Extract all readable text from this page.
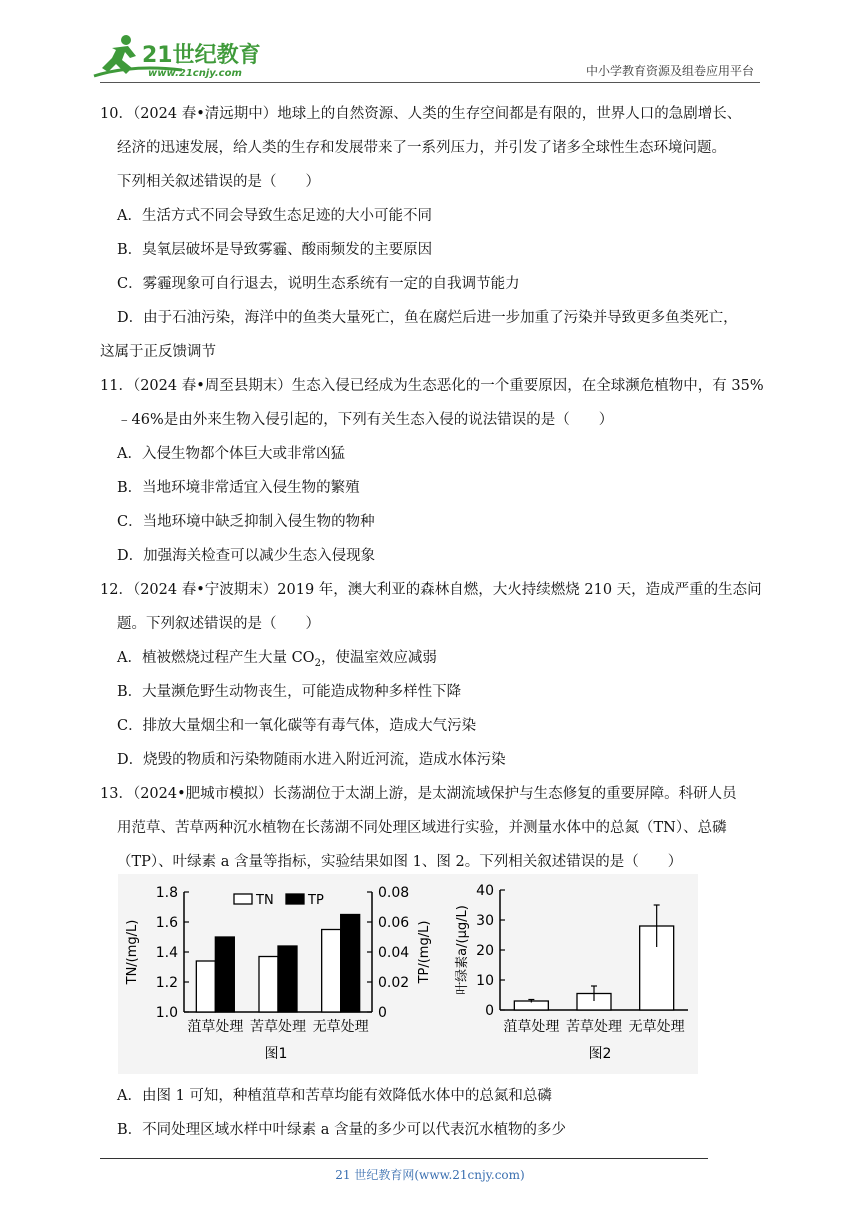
21世纪教育
www.21cnjy.com	中小学教育资源及组卷应用平台
10．（2024 春•清远期中）地球上的自然资源、人类的生存空间都是有限的，世界人口的急剧增长、
经济的迅速发展，给人类的生存和发展带来了一系列压力，并引发了诸多全球性生态环境问题。
下列相关叙述错误的是（　　）
A．生活方式不同会导致生态足迹的大小可能不同
B．臭氧层破坏是导致雾霾、酸雨频发的主要原因
C．雾霾现象可自行退去，说明生态系统有一定的自我调节能力
D．由于石油污染，海洋中的鱼类大量死亡，鱼在腐烂后进一步加重了污染并导致更多鱼类死亡，
这属于正反馈调节
11．（2024 春•周至县期末）生态入侵已经成为生态恶化的一个重要原因，在全球濒危植物中，有 35%
﹣46%是由外来生物入侵引起的，下列有关生态入侵的说法错误的是（　　）
A．入侵生物都个体巨大或非常凶猛
B．当地环境非常适宜入侵生物的繁殖
C．当地环境中缺乏抑制入侵生物的物种
D．加强海关检查可以减少生态入侵现象
12．（2024 春•宁波期末）2019 年，澳大利亚的森林自燃，大火持续燃烧 210 天，造成严重的生态问
题。下列叙述错误的是（　　）
A．植被燃烧过程产生大量 $CO_2$，使温室效应减弱
B．大量濒危野生动物丧生，可能造成物种多样性下降
C．排放大量烟尘和一氧化碳等有毒气体，造成大气污染
D．烧毁的物质和污染物随雨水进入附近河流，造成水体污染
13．（2024•肥城市模拟）长荡湖位于太湖上游，是太湖流域保护与生态修复的重要屏障。科研人员
用范草、苦草两种沉水植物在长荡湖不同处理区域进行实验，并测量水体中的总氮（TN）、总磷
（TP）、叶绿素 a 含量等指标，实验结果如图 1、图 2。下列相关叙述错误的是（　　）
A．由图 1 可知，种植菹草和苦草均能有效降低水体中的总氮和总磷
B．不同处理区域水样中叶绿素 a 含量的多少可以代表沉水植物的多少
1.0
1.2
1.4
1.6
1.8
0
0.02
0.04
0.06
0.08
TN/(mg/L)	TP/(mg/L)
菹草处理 苦草处理 无草处理
TN	TP
图1
0
10
20
30
40
叶绿素a/(μg/L)
菹草处理 苦草处理 无草处理
图2
21 世纪教育网(www.21cnjy.com)
